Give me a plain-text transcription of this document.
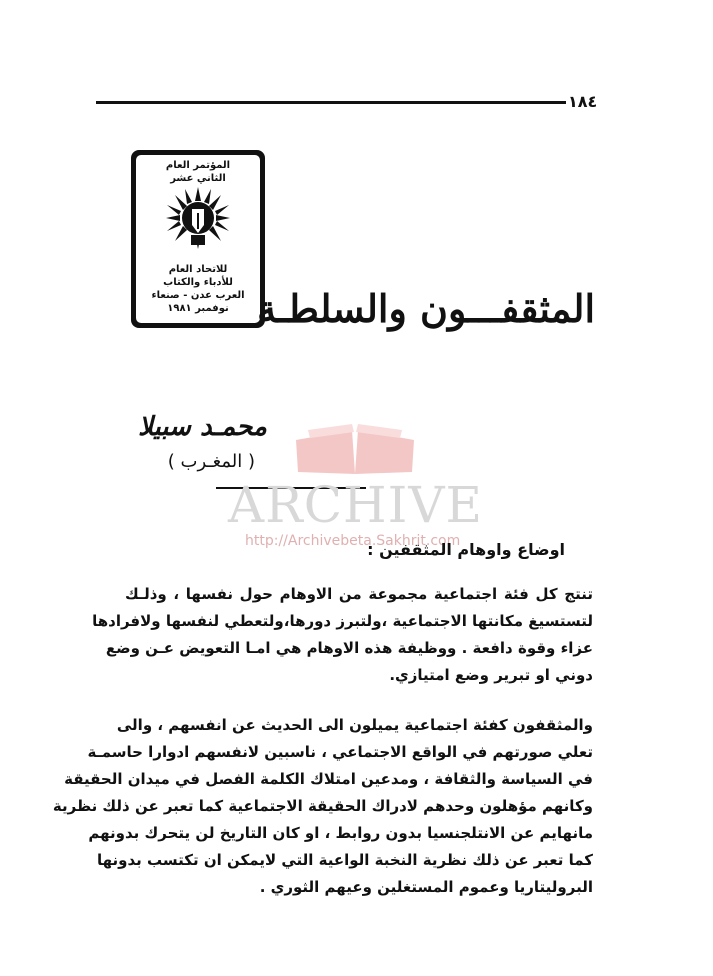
١٨٤
المؤتمر العام
الثاني عشر
للاتحاد العام
للأدباء والكتاب
العرب عدن - صنعاء
نوفمبر ١٩٨١ المثقفـــون والسلطـة
محمـد سبيلا
( المغـرب )
ARCHIVE
http://Archivebeta.Sakhrit.com
اوضاع واوهام المثقفين :
تنتج كل فئة اجتماعية مجموعة من الاوهام حول نفسها ، وذلـك
لتستسيغ مكانتها الاجتماعية ،ولتبرز دورها،ولتعطي لنفسها ولافرادها
عزاء وقوة دافعة . ووظيفة هذه الاوهام هي امـا التعويض عـن وضع
دوني او تبرير وضع امتيازي.
والمثقفون كفئة اجتماعية يميلون الى الحديث عن انفسهم ، والى
تعلي صورتهم في الواقع الاجتماعي ، ناسبين لانفسهم ادوارا حاسمـة
في السياسة والثقافة ، ومدعين امتلاك الكلمة الفصل في ميدان الحقيقة
وكانهم مؤهلون وحدهم لادراك الحقيقة الاجتماعية كما تعبر عن ذلك نظرية
مانهايم عن الانتلجنسيا بدون روابط ، او كان التاريخ لن يتحرك بدونهم
كما تعبر عن ذلك نظرية النخبة الواعية التي لايمكن ان تكتسب بدونها
البروليتاريا وعموم المستغلين وعيهم الثوري .
